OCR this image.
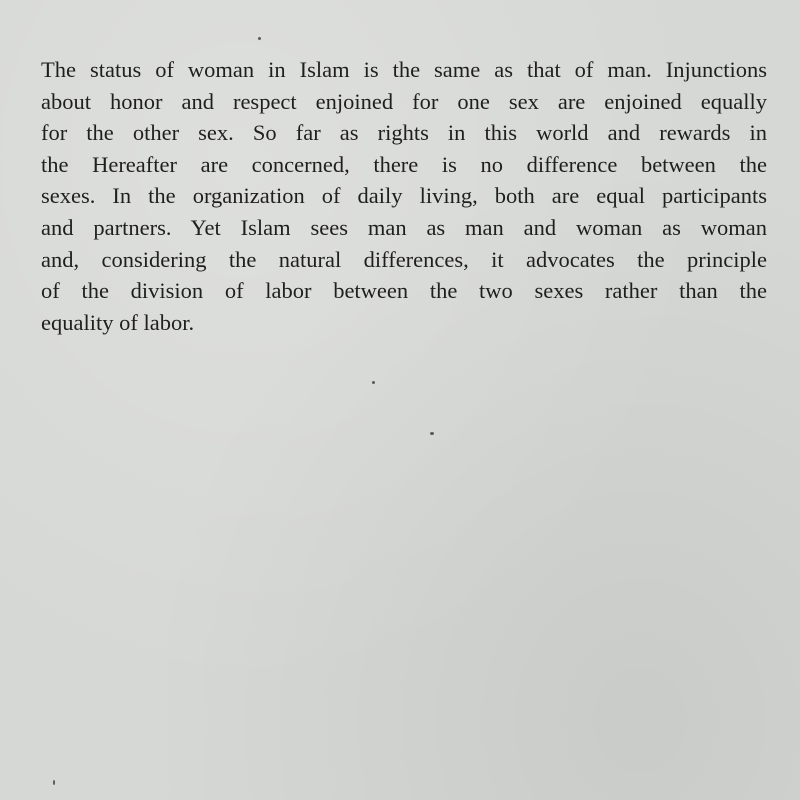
The status of woman in Islam is the same as that of man. Injunctions
about honor and respect enjoined for one sex are enjoined equally
for the other sex. So far as rights in this world and rewards in
the Hereafter are concerned, there is no difference between the
sexes. In the organization of daily living, both are equal participants
and partners. Yet Islam sees man as man and woman as woman
and, considering the natural differences, it advocates the principle
of the division of labor between the two sexes rather than the
equality of labor.
